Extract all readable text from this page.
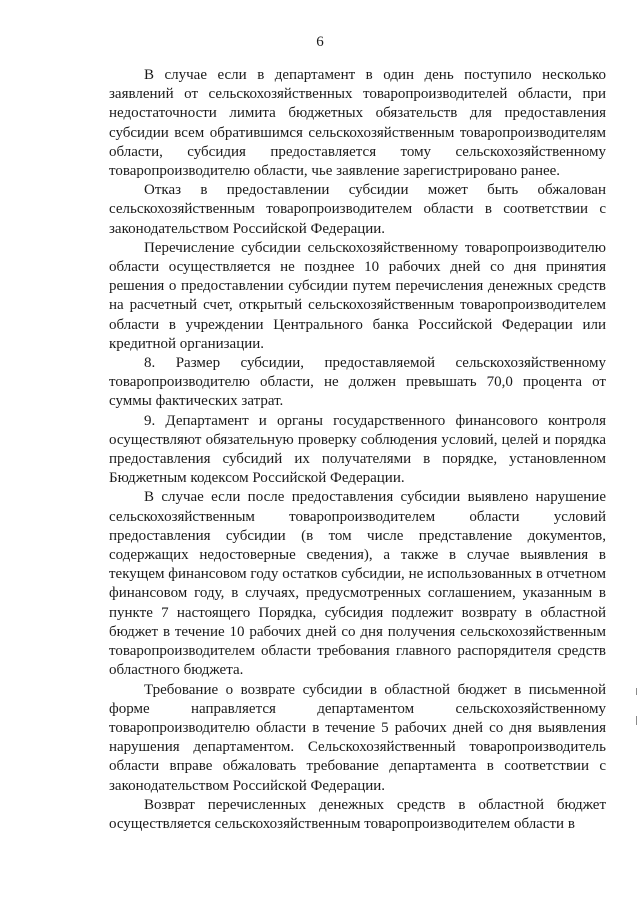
6

В случае если в департамент в один день поступило несколько заявлений от сельскохозяйственных товаропроизводителей области, при недостаточности лимита бюджетных обязательств для предоставления субсидии всем обратившимся сельскохозяйственным товаропроизводителям области, субсидия предоставляется тому сельскохозяйственному товаропроизводителю области, чье заявление зарегистрировано ранее.

Отказ в предоставлении субсидии может быть обжалован сельскохозяйственным товаропроизводителем области в соответствии с законодательством Российской Федерации.

Перечисление субсидии сельскохозяйственному товаропроизводителю области осуществляется не позднее 10 рабочих дней со дня принятия решения о предоставлении субсидии путем перечисления денежных средств на расчетный счет, открытый сельскохозяйственным товаропроизводителем области в учреждении Центрального банка Российской Федерации или кредитной организации.

8. Размер субсидии, предоставляемой сельскохозяйственному товаропроизводителю области, не должен превышать 70,0 процента от суммы фактических затрат.

9. Департамент и органы государственного финансового контроля осуществляют обязательную проверку соблюдения условий, целей и порядка предоставления субсидий их получателями в порядке, установленном Бюджетным кодексом Российской Федерации.

В случае если после предоставления субсидии выявлено нарушение сельскохозяйственным товаропроизводителем области условий предоставления субсидии (в том числе представление документов, содержащих недостоверные сведения), а также в случае выявления в текущем финансовом году остатков субсидии, не использованных в отчетном финансовом году, в случаях, предусмотренных соглашением, указанным в пункте 7 настоящего Порядка, субсидия подлежит возврату в областной бюджет в течение 10 рабочих дней со дня получения сельскохозяйственным товаропроизводителем области требования главного распорядителя средств областного бюджета.

Требование о возврате субсидии в областной бюджет в письменной форме направляется департаментом сельскохозяйственному товаропроизводителю области в течение 5 рабочих дней со дня выявления нарушения департаментом. Сельскохозяйственный товаропроизводитель области вправе обжаловать требование департамента в соответствии с законодательством Российской Федерации.

Возврат перечисленных денежных средств в областной бюджет осуществляется сельскохозяйственным товаропроизводителем области в
